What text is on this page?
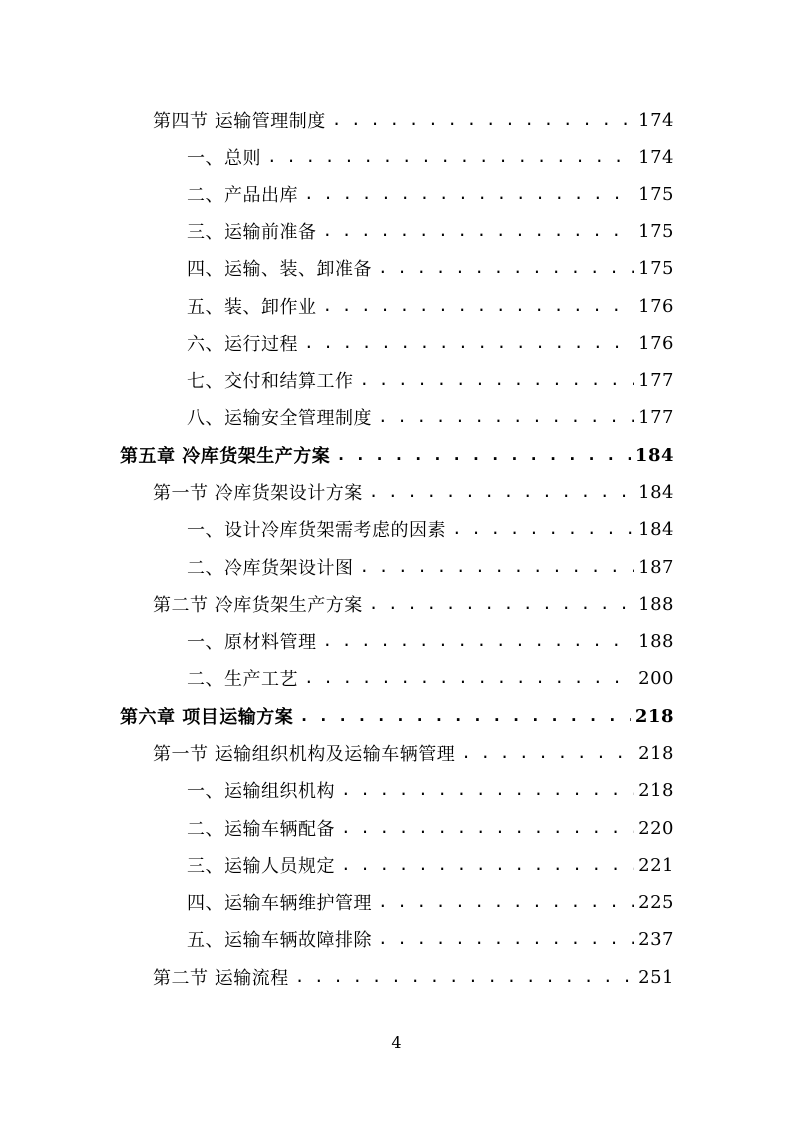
第四节 运输管理制度 . . .	174
一、总则 . . .	174
二、产品出库 . . .	175
三、运输前准备 . . .	175
四、运输、装、卸准备 . . .	175
五、装、卸作业 . . .	176
六、运行过程 . . .	176
七、交付和结算工作 . . .	177
八、运输安全管理制度 . . .	177
第五章 冷库货架生产方案 . . .	184
第一节 冷库货架设计方案 . . .	184
一、设计冷库货架需考虑的因素 . . .	184
二、冷库货架设计图 . . .	187
第二节 冷库货架生产方案 . . .	188
一、原材料管理 . . .	188
二、生产工艺 . . .	200
第六章 项目运输方案 . . .	218
第一节 运输组织机构及运输车辆管理 . . .	218
一、运输组织机构 . . .	218
二、运输车辆配备 . . .	220
三、运输人员规定 . . .	221
四、运输车辆维护管理 . . .	225
五、运输车辆故障排除 . . .	237
第二节 运输流程 . . .	251
4
